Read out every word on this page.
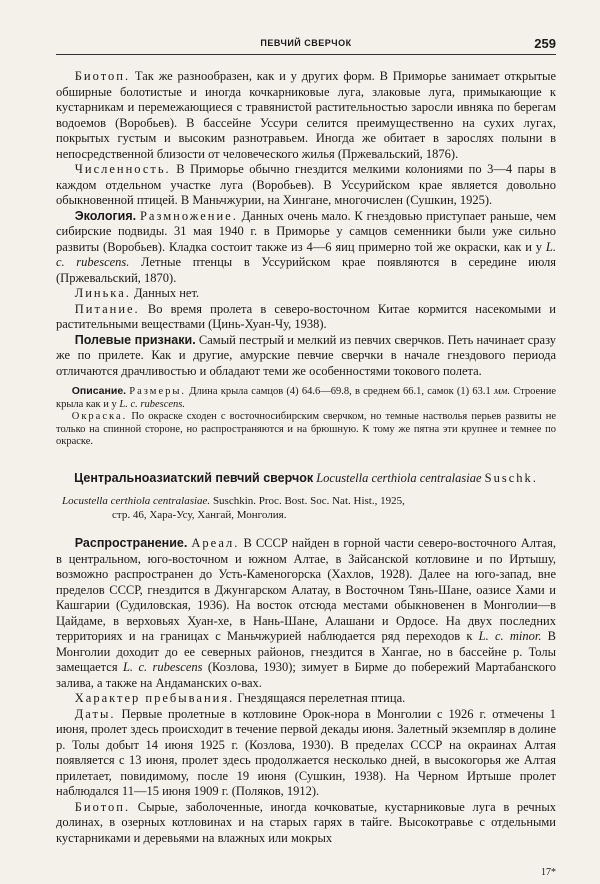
ПЕВЧИЙ СВЕРЧОК	259

Биотоп. Так же разнообразен, как и у других форм. В Приморье занимает открытые обширные болотистые и иногда кочкарниковые луга, злаковые луга, примыкающие к кустарникам и перемежающиеся с травянистой растительностью заросли ивняка по берегам водоемов (Воробьев). В бассейне Уссури селится преимущественно на сухих лугах, покрытых густым и высоким разнотравьем. Иногда же обитает в зарослях полыни в непосредственной близости от человеческого жилья (Пржевальский, 1876).

Численность. В Приморье обычно гнездится мелкими колониями по 3—4 пары в каждом отдельном участке луга (Воробьев). В Уссурийском крае является довольно обыкновенной птицей. В Маньчжурии, на Хингане, многочислен (Сушкин, 1925).

Экология. Размножение. Данных очень мало. К гнездовью приступает раньше, чем сибирские подвиды. 31 мая 1940 г. в Приморье у самцов семенники были уже сильно развиты (Воробьев). Кладка состоит также из 4—6 яиц примерно той же окраски, как и у L. c. rubescens. Летные птенцы в Уссурийском крае появляются в середине июля (Пржевальский, 1870).

Линька. Данных нет.

Питание. Во время пролета в северо-восточном Китае кормится насекомыми и растительными веществами (Цинь-Хуан-Чу, 1938).

Полевые признаки. Самый пестрый и мелкий из певчих сверчков. Петь начинает сразу же по прилете. Как и другие, амурские певчие сверчки в начале гнездового периода отличаются драчливостью и обладают теми же особенностями токового полета.

Описание. Размеры. Длина крыла самцов (4) 64.6—69.8, в среднем 66.1, самок (1) 63.1 мм. Строение крыла как и у L. c. rubescens.

Окраска. По окраске сходен с восточносибирским сверчком, но темные настволья перьев развиты не только на спинной стороне, но распространяются и на брюшную. К тому же пятна эти крупнее и темнее по окраске.

Центральноазиатский певчий сверчок Locustella certhiola centralasiae Suschk.

Locustella certhiola centralasiae. Suschkin. Proc. Bost. Soc. Nat. Hist., 1925,
стр. 46, Хара-Усу, Хангай, Монголия.

Распространение. Ареал. В СССР найден в горной части северо-восточного Алтая, в центральном, юго-восточном и южном Алтае, в Зайсанской котловине и по Иртышу, возможно распространен до Усть-Каменогорска (Хахлов, 1928). Далее на юго-запад, вне пределов СССР, гнездится в Джунгарском Алатау, в Восточном Тянь-Шане, оазисе Хами и Кашгарии (Судиловская, 1936). На восток отсюда местами обыкновенен в Монголии—в Цайдаме, в верховьях Хуан-хе, в Нань-Шане, Алашани и Ордосе. На двух последних территориях и на границах с Маньчжурией наблюдается ряд переходов к L. c. minor. В Монголии доходит до ее северных районов, гнездится в Хангае, но в бассейне р. Толы замещается L. c. rubescens (Козлова, 1930); зимует в Бирме до побережий Мартабанского залива, а также на Андаманских о-вах.

Характер пребывания. Гнездящаяся перелетная птица.

Даты. Первые пролетные в котловине Орок-нора в Монголии с 1926 г. отмечены 1 июня, пролет здесь происходит в течение первой декады июня. Залетный экземпляр в долине р. Толы добыт 14 июня 1925 г. (Козлова, 1930). В пределах СССР на окраинах Алтая появляется с 13 июня, пролет здесь продолжается несколько дней, в высокогорья же Алтая прилетает, повидимому, после 19 июня (Сушкин, 1938). На Черном Иртыше пролет наблюдался 11—15 июня 1909 г. (Поляков, 1912).

Биотоп. Сырые, заболоченные, иногда кочковатые, кустарниковые луга в речных долинах, в озерных котловинах и на старых гарях в тайге. Высокотравье с отдельными кустарниками и деревьями на влажных или мокрых

17*
